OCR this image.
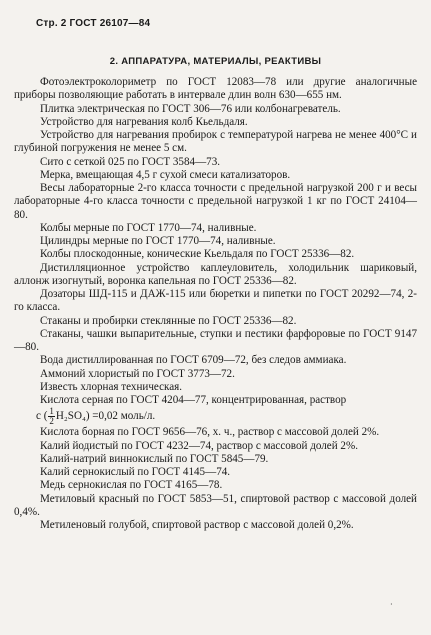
Стр. 2 ГОСТ 26107—84
2. АППАРАТУРА, МАТЕРИАЛЫ, РЕАКТИВЫ

Фотоэлектроколориметр по ГОСТ 12083—78 или другие аналогичные приборы позволяющие работать в интервале длин волн 630—655 нм.

Плитка электрическая по ГОСТ 306—76 или колбонагреватель.

Устройство для нагревания колб Кьельдаля.

Устройство для нагревания пробирок с температурой нагрева не менее 400°С и глубиной погружения не менее 5 см.

Сито с сеткой 025 по ГОСТ 3584—73.

Мерка, вмещающая 4,5 г сухой смеси катализаторов.

Весы лабораторные 2-го класса точности с предельной нагрузкой 200 г и весы лабораторные 4-го класса точности с предельной нагрузкой 1 кг по ГОСТ 24104—80.

Колбы мерные по ГОСТ 1770—74, наливные.

Цилиндры мерные по ГОСТ 1770—74, наливные.

Колбы плоскодонные, конические Кьельдаля по ГОСТ 25336—82.

Дистилляционное устройство каплеуловитель, холодильник шариковый, аллонж изогнутый, воронка капельная по ГОСТ 25336—82.

Дозаторы ШД-115 и ДАЖ-115 или бюретки и пипетки по ГОСТ 20292—74, 2-го класса.

Стаканы и пробирки стеклянные по ГОСТ 25336—82.

Стаканы, чашки выпарительные, ступки и пестики фарфоровые по ГОСТ 9147—80.

Вода дистиллированная по ГОСТ 6709—72, без следов аммиака.

Аммоний хлористый по ГОСТ 3773—72.

Известь хлорная техническая.

Кислота серная по ГОСТ 4204—77, концентрированная, раствор

с ( $\frac{1}{2} H_2SO_4) =0,02$ моль/л.

Кислота борная по ГОСТ 9656—76, х. ч., раствор с массовой долей 2%.

Калий йодистый по ГОСТ 4232—74, раствор с массовой долей 2%.

Калий-натрий виннокислый по ГОСТ 5845—79.

Калий сернокислый по ГОСТ 4145—74.

Медь сернокислая по ГОСТ 4165—78.

Метиловый красный по ГОСТ 5853—51, спиртовой раствор с массовой долей 0,4%.

Метиленовый голубой, спиртовой раствор с массовой долей 0,2%.

·
